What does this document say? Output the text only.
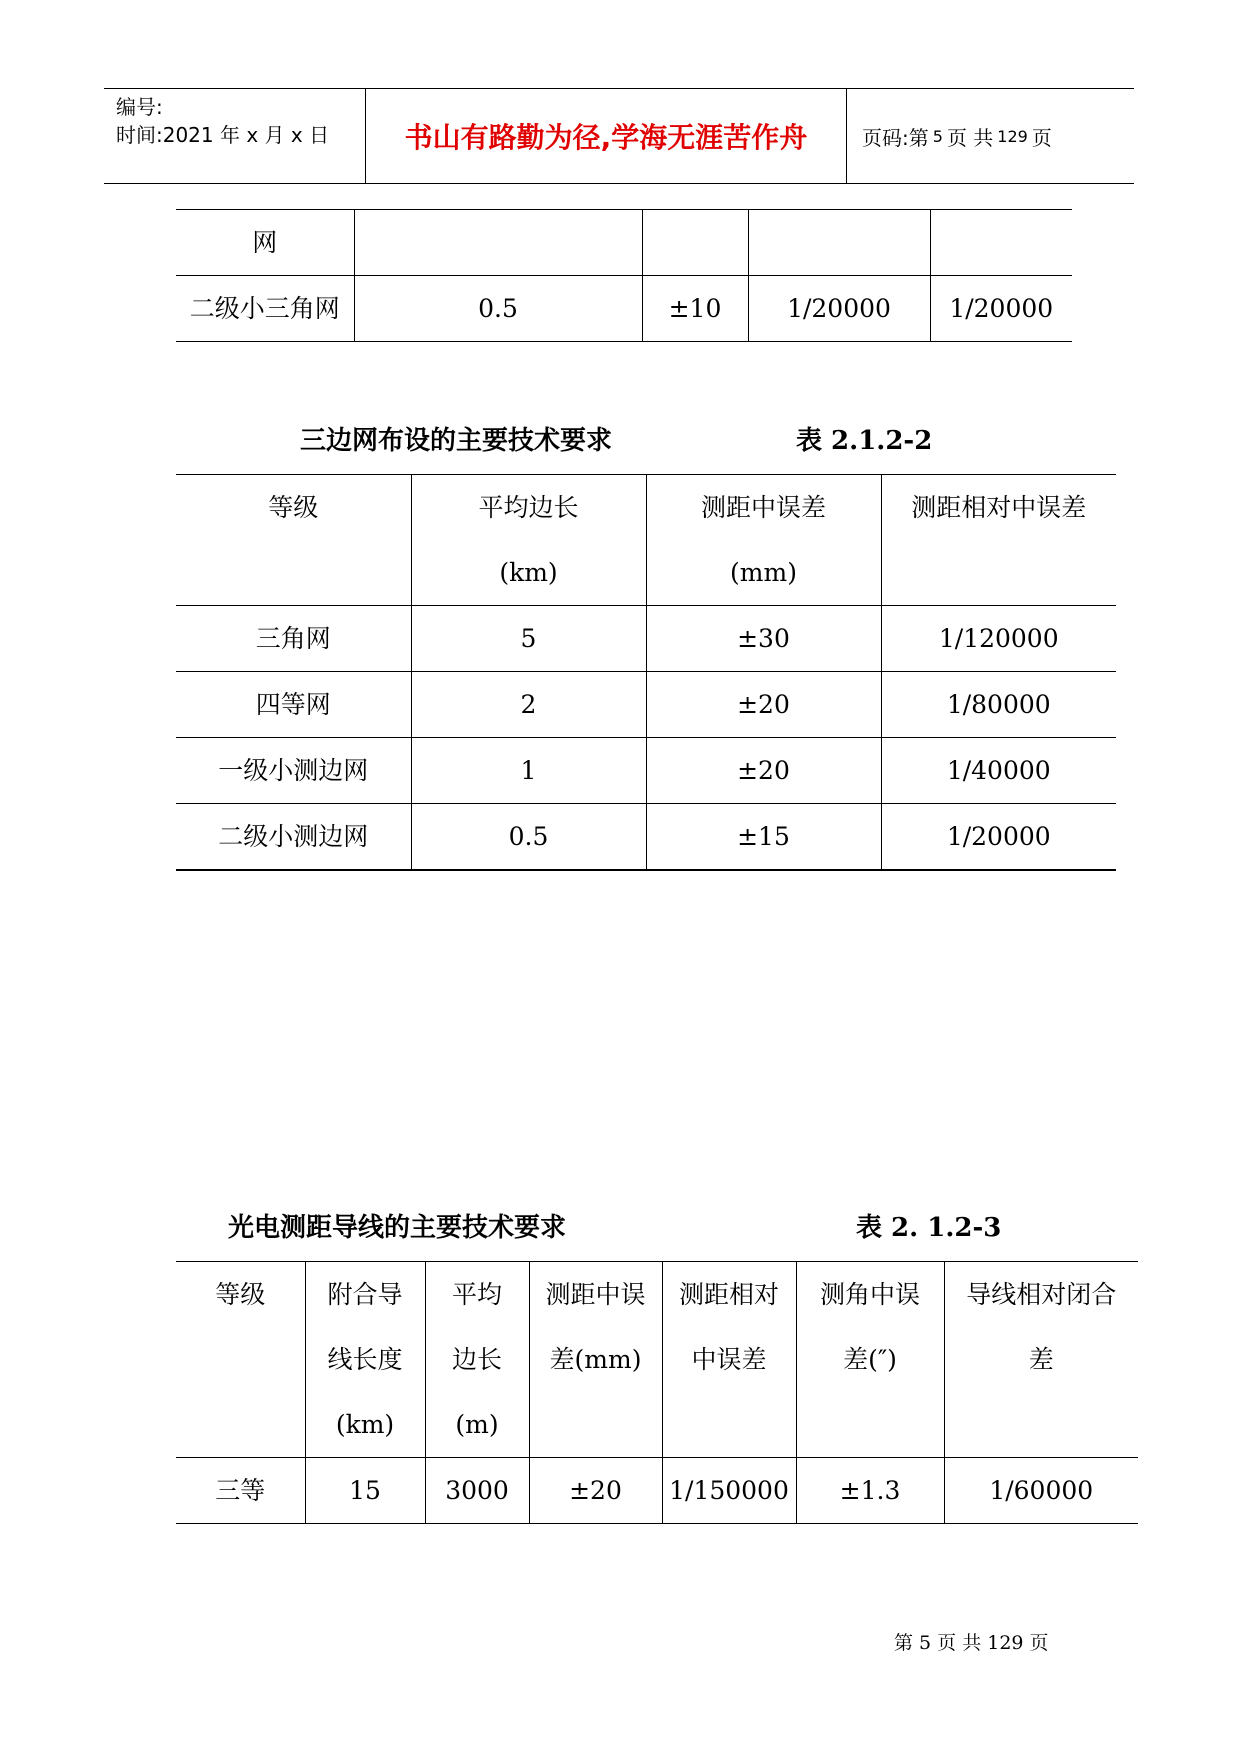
编号:
时间:2021 年 x 月 x 日	书山有路勤为径,学海无涯苦作舟	页码:第 5 页 共 129 页
网				
二级小三角网	0.5	±10	1/20000	1/20000
三边网布设的主要技术要求	表 2.1.2-2
等级	平均边长(km)	测距中误差(mm)	测距相对中误差
三角网	5	±30	1/120000
四等网	2	±20	1/80000
一级小测边网	1	±20	1/40000
二级小测边网	0.5	±15	1/20000
光电测距导线的主要技术要求	表 2. 1.2-3
等级	附合导线长度(km)	平均边长(m)	测距中误差(mm)	测距相对中误差	测角中误差(″)	导线相对闭合差
三等	15	3000	±20	1/150000	±1.3	1/60000
第 5 页 共 129 页
